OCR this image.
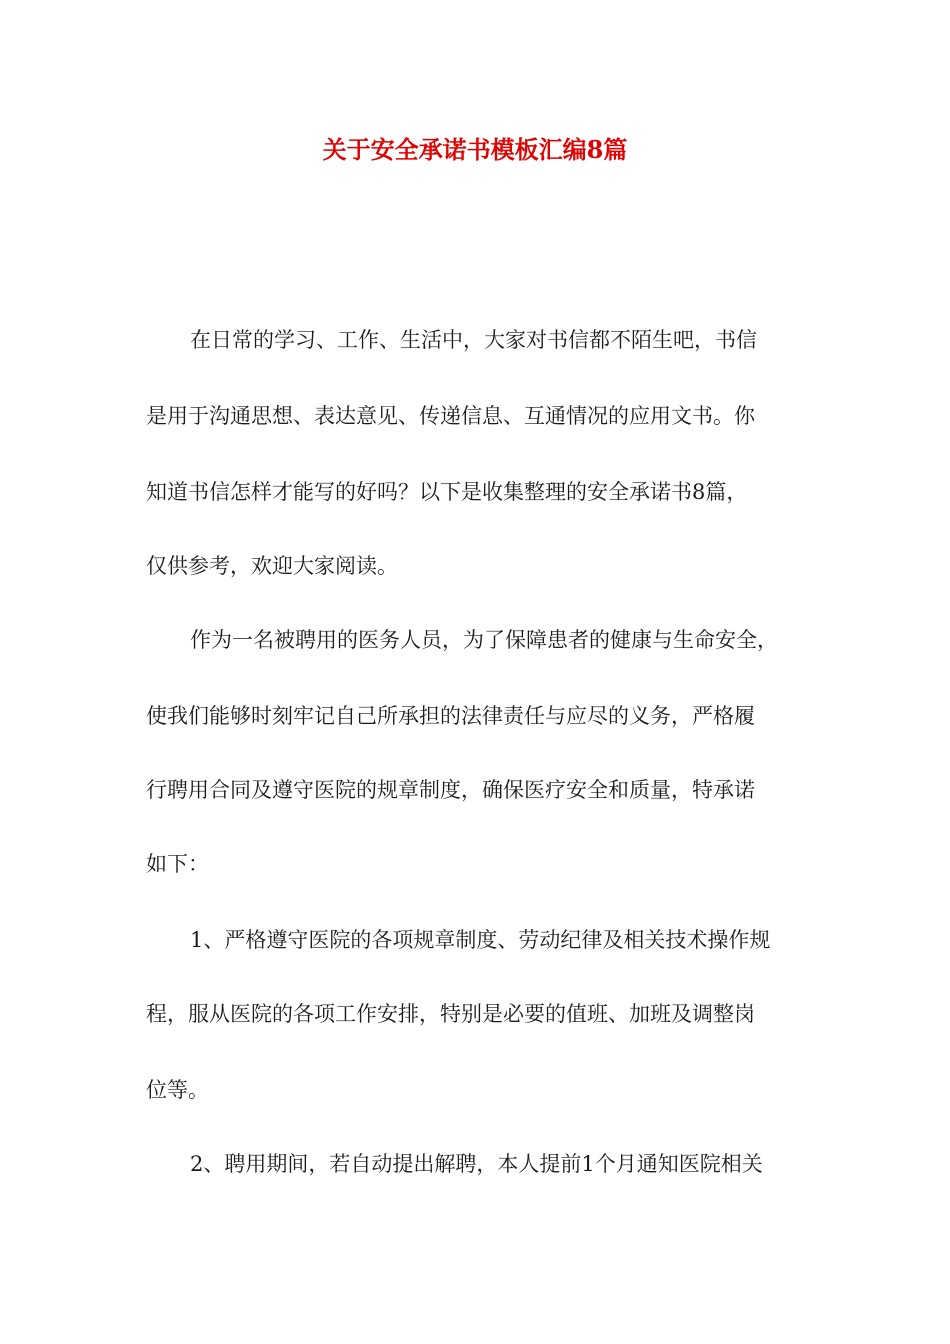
关于安全承诺书模板汇编8篇

在日常的学习、工作、生活中，大家对书信都不陌生吧，书信

是用于沟通思想、表达意见、传递信息、互通情况的应用文书。你

知道书信怎样才能写的好吗？以下是收集整理的安全承诺书8篇，

仅供参考，欢迎大家阅读。

作为一名被聘用的医务人员，为了保障患者的健康与生命安全，

使我们能够时刻牢记自己所承担的法律责任与应尽的义务，严格履

行聘用合同及遵守医院的规章制度，确保医疗安全和质量，特承诺

如下：

1、严格遵守医院的各项规章制度、劳动纪律及相关技术操作规

程，服从医院的各项工作安排，特别是必要的值班、加班及调整岗

位等。

2、聘用期间，若自动提出解聘，本人提前1个月通知医院相关
